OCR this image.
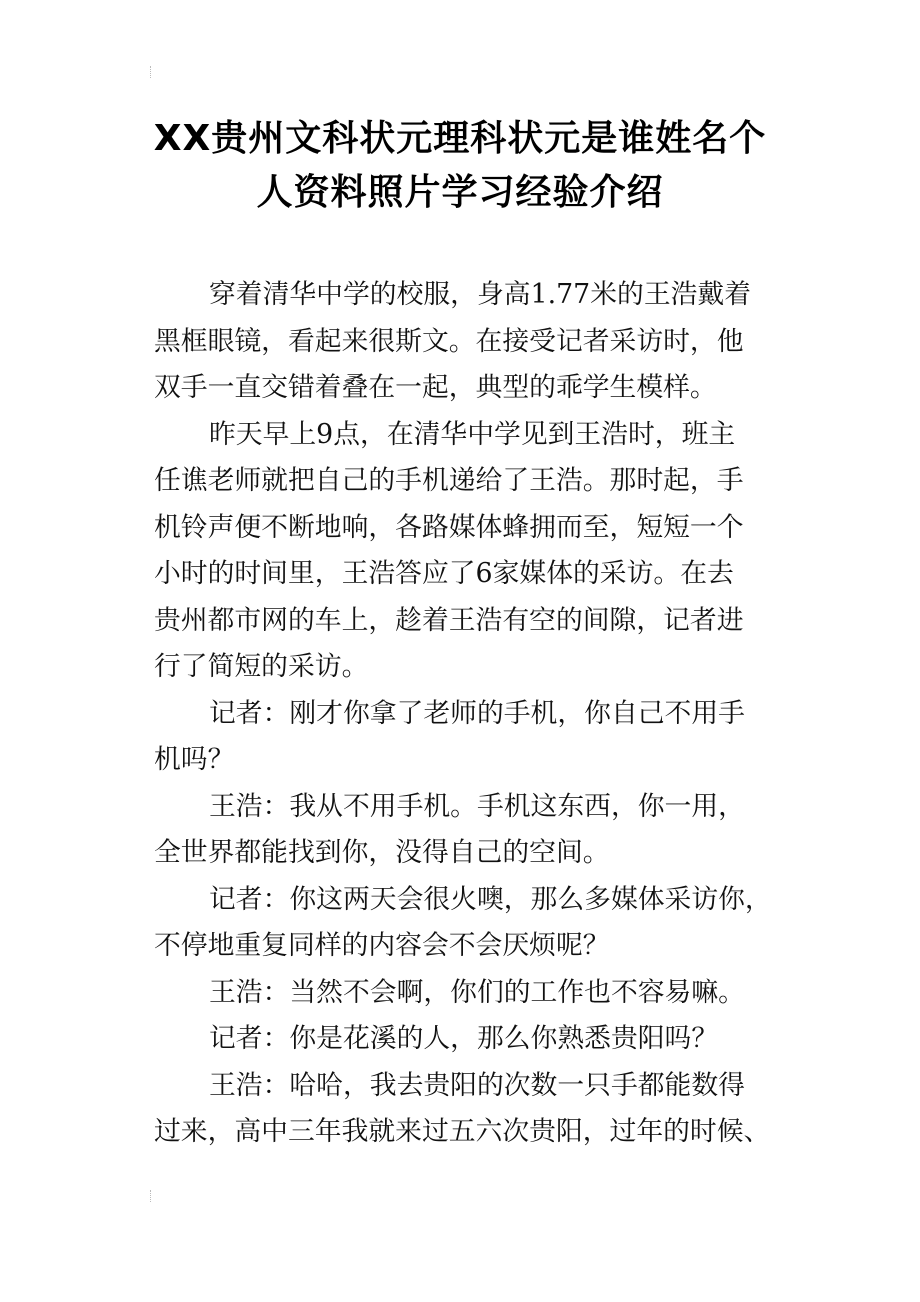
XX贵州文科状元理科状元是谁姓名个
人资料照片学习经验介绍

穿着清华中学的校服，身高1.77米的王浩戴着
黑框眼镜，看起来很斯文。在接受记者采访时，他
双手一直交错着叠在一起，典型的乖学生模样。

昨天早上9点，在清华中学见到王浩时，班主
任谯老师就把自己的手机递给了王浩。那时起，手
机铃声便不断地响，各路媒体蜂拥而至，短短一个
小时的时间里，王浩答应了6家媒体的采访。在去
贵州都市网的车上，趁着王浩有空的间隙，记者进
行了简短的采访。

记者：刚才你拿了老师的手机，你自己不用手
机吗？

王浩：我从不用手机。手机这东西，你一用，
全世界都能找到你，没得自己的空间。

记者：你这两天会很火噢，那么多媒体采访你，
不停地重复同样的内容会不会厌烦呢？

王浩：当然不会啊，你们的工作也不容易嘛。

记者：你是花溪的人，那么你熟悉贵阳吗？

王浩：哈哈，我去贵阳的次数一只手都能数得
过来，高中三年我就来过五六次贵阳，过年的时候、
